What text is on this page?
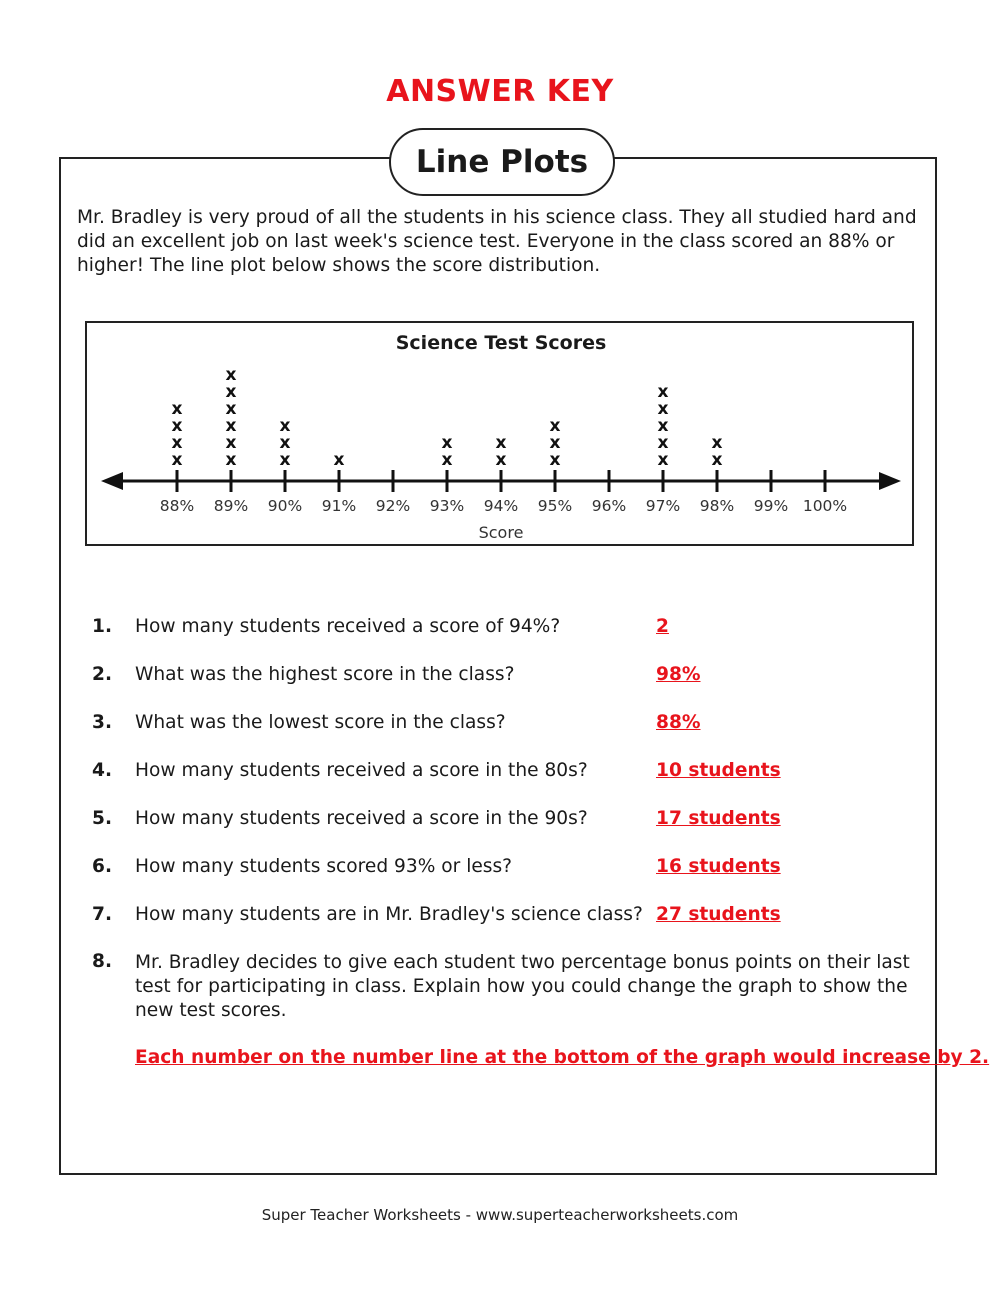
ANSWER KEY
Line Plots
Mr. Bradley is very proud of all the students in his science class. They all studied hard and did an excellent job on last week's science test. Everyone in the class scored an 88% or higher! The line plot below shows the score distribution.
Science Test Scores
Score
88%
x
x
x
x
89%
x
x
x
x
x
x
90%
x
x
x
91%
x
92% 93%
x
x
94%
x
x
95%
x
x
x
96% 97%
x
x
x
x
x
98%
x
x
99% 100%
1. How many students received a score of 94%?	2
2. What was the highest score in the class?	98%
3. What was the lowest score in the class?	88%
4. How many students received a score in the 80s?	10 students
5. How many students received a score in the 90s?	17 students
6. How many students scored 93% or less?	16 students
7. How many students are in Mr. Bradley's science class? 27 students
8. Mr. Bradley decides to give each student two percentage bonus points on their last test for participating in class. Explain how you could change the graph to show the new test scores.
Each number on the number line at the bottom of the graph would increase by 2.
Super Teacher Worksheets - www.superteacherworksheets.com
